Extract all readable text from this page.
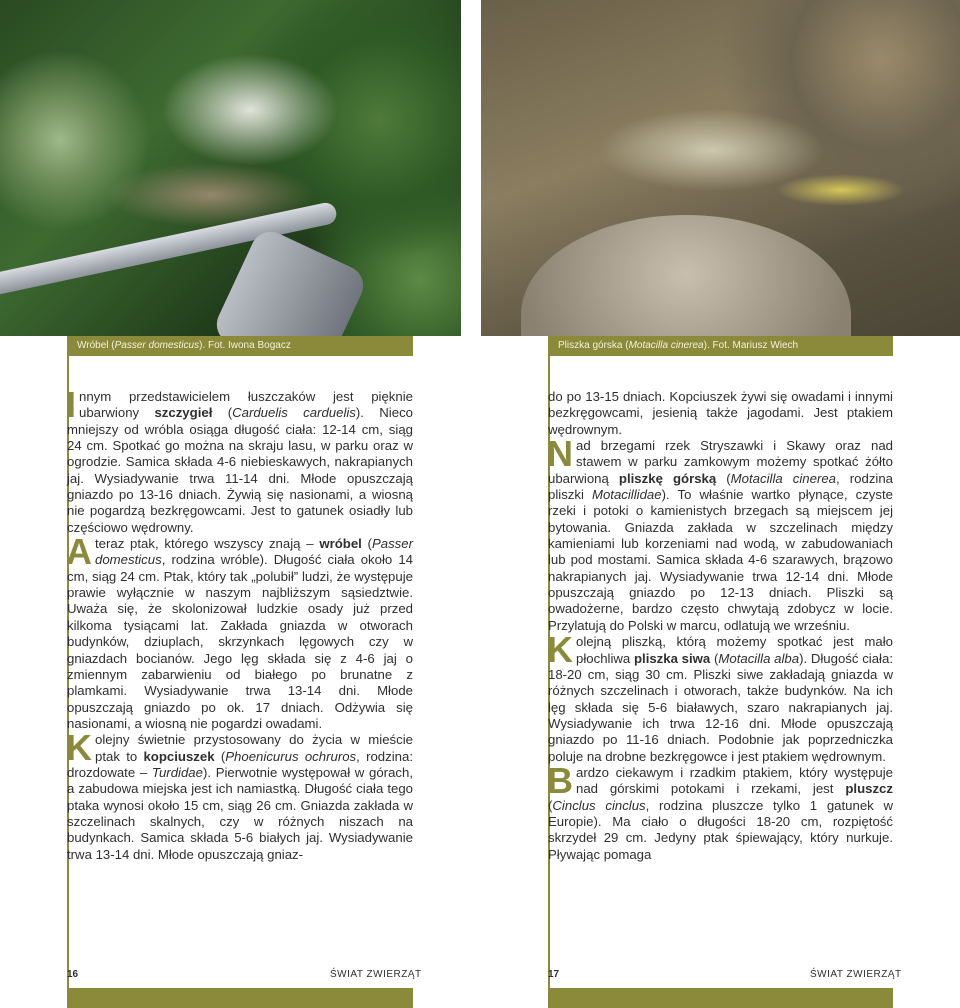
Wróbel (Passer domesticus). Fot. Iwona Bogacz	Pliszka górska (Motacilla cinerea). Fot. Mariusz Wiech

Innym przedstawicielem łuszczaków jest pięknie ubarwiony szczygieł (Carduelis carduelis). Nieco mniejszy od wróbla osiąga długość ciała: 12-14 cm, siąg 24 cm. Spotkać go można na skraju lasu, w parku oraz w ogrodzie. Samica składa 4-6 niebieskawych, nakrapianych jaj. Wysiadywanie trwa 11-14 dni. Młode opuszczają gniazdo po 13-16 dniach. Żywią się nasionami, a wiosną nie pogardzą bezkręgowcami. Jest to gatunek osiadły lub częściowo wędrowny.

Ateraz ptak, którego wszyscy znają – wróbel (Passer domesticus, rodzina wróble). Długość ciała około 14 cm, siąg 24 cm. Ptak, który tak „polubił” ludzi, że występuje prawie wyłącznie w naszym najbliższym sąsiedztwie. Uważa się, że skolonizował ludzkie osady już przed kilkoma tysiącami lat. Zakłada gniazda w otworach budynków, dziuplach, skrzynkach lęgowych czy w gniazdach bocianów. Jego lęg składa się z 4-6 jaj o zmiennym zabarwieniu od białego po brunatne z plamkami. Wysiadywanie trwa 13-14 dni. Młode opuszczają gniazdo po ok. 17 dniach. Odżywia się nasionami, a wiosną nie pogardzi owadami.

Kolejny świetnie przystosowany do życia w mieście ptak to kopciuszek (Phoenicurus ochruros, rodzina: drozdowate – Turdidae). Pierwotnie występował w górach, a zabudowa miejska jest ich namiastką. Długość ciała tego ptaka wynosi około 15 cm, siąg 26 cm. Gniazda zakłada w szczelinach skalnych, czy w różnych niszach na budynkach. Samica składa 5-6 białych jaj. Wysiadywanie trwa 13-14 dni. Młode opuszczają gniaz-

do po 13-15 dniach. Kopciuszek żywi się owadami i innymi bezkręgowcami, jesienią także jagodami. Jest ptakiem wędrownym.

Nad brzegami rzek Stryszawki i Skawy oraz nad stawem w parku zamkowym możemy spotkać żółto ubarwioną pliszkę górską (Motacilla cinerea, rodzina pliszki Motacillidae). To właśnie wartko płynące, czyste rzeki i potoki o kamienistych brzegach są miejscem jej bytowania. Gniazda zakłada w szczelinach między kamieniami lub korzeniami nad wodą, w zabudowaniach lub pod mostami. Samica składa 4-6 szarawych, brązowo nakrapianych jaj. Wysiadywanie trwa 12-14 dni. Młode opuszczają gniazdo po 12-13 dniach. Pliszki są owadożerne, bardzo często chwytają zdobycz w locie. Przylatują do Polski w marcu, odlatują we wrześniu.

Kolejną pliszką, którą możemy spotkać jest mało płochliwa pliszka siwa (Motacilla alba). Długość ciała: 18-20 cm, siąg 30 cm. Pliszki siwe zakładają gniazda w różnych szczelinach i otworach, także budynków. Na ich lęg składa się 5-6 białawych, szaro nakrapianych jaj. Wysiadywanie ich trwa 12-16 dni. Młode opuszczają gniazdo po 11-16 dniach. Podobnie jak poprzedniczka poluje na drobne bezkręgowce i jest ptakiem wędrownym.

Bardzo ciekawym i rzadkim ptakiem, który występuje nad górskimi potokami i rzekami, jest pluszcz (Cinclus cinclus, rodzina pluszcze tylko 1 gatunek w Europie). Ma ciało o długości 18-20 cm, rozpiętość skrzydeł 29 cm. Jedyny ptak śpiewający, który nurkuje. Pływając pomaga

16	ŚWIAT ZWIERZĄT	17	ŚWIAT ZWIERZĄT
